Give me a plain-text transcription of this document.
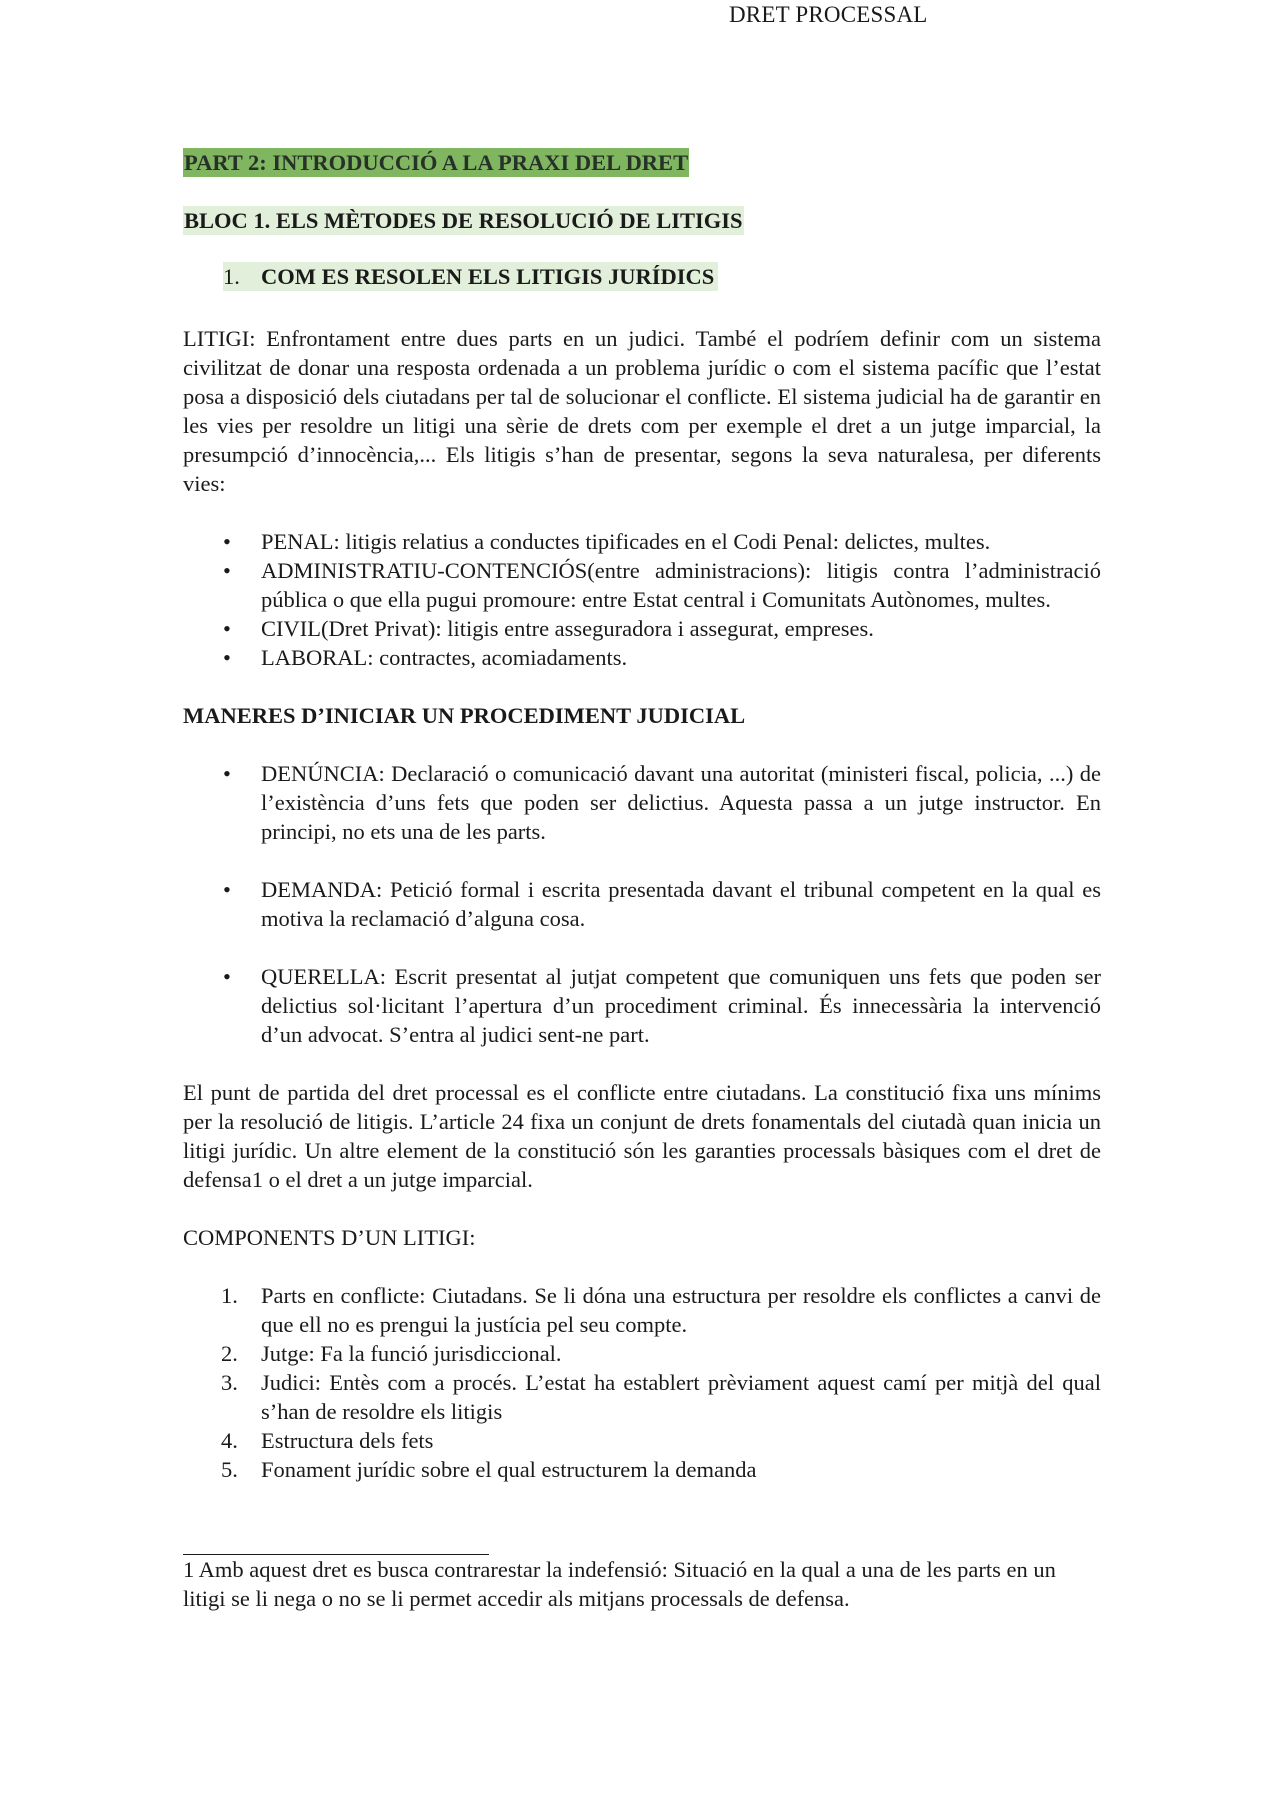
DRET PROCESSAL
PART 2: INTRODUCCIÓ A LA PRAXI DEL DRET
BLOC 1. ELS MÈTODES DE RESOLUCIÓ DE LITIGIS
1. COM ES RESOLEN ELS LITIGIS JURÍDICS

LITIGI: Enfrontament entre dues parts en un judici. També el podríem definir com un sistema civilitzat de donar una resposta ordenada a un problema jurídic o com el sistema pacífic que l’estat posa a disposició dels ciutadans per tal de solucionar el conflicte. El sistema judicial ha de garantir en les vies per resoldre un litigi una sèrie de drets com per exemple el dret a un jutge imparcial, la presumpció d’innocència,... Els litigis s’han de presentar, segons la seva naturalesa, per diferents vies:

• PENAL: litigis relatius a conductes tipificades en el Codi Penal: delictes, multes.
• ADMINISTRATIU-CONTENCIÓS(entre administracions): litigis contra l’administració pública o que ella pugui promoure: entre Estat central i Comunitats Autònomes, multes.
• CIVIL(Dret Privat): litigis entre asseguradora i assegurat, empreses.
• LABORAL: contractes, acomiadaments.

MANERES D’INICIAR UN PROCEDIMENT JUDICIAL

• DENÚNCIA: Declaració o comunicació davant una autoritat (ministeri fiscal, policia, ...) de l’existència d’uns fets que poden ser delictius. Aquesta passa a un jutge instructor. En principi, no ets una de les parts.
• DEMANDA: Petició formal i escrita presentada davant el tribunal competent en la qual es motiva la reclamació d’alguna cosa.
• QUERELLA: Escrit presentat al jutjat competent que comuniquen uns fets que poden ser delictius sol·licitant l’apertura d’un procediment criminal. És innecessària la intervenció d’un advocat. S’entra al judici sent-ne part.

El punt de partida del dret processal es el conflicte entre ciutadans. La constitució fixa uns mínims per la resolució de litigis. L’article 24 fixa un conjunt de drets fonamentals del ciutadà quan inicia un litigi jurídic. Un altre element de la constitució són les garanties processals bàsiques com el dret de defensa1 o el dret a un jutge imparcial.

COMPONENTS D’UN LITIGI:

1. Parts en conflicte: Ciutadans. Se li dóna una estructura per resoldre els conflictes a canvi de que ell no es prengui la justícia pel seu compte.
2. Jutge: Fa la funció jurisdiccional.
3. Judici: Entès com a procés. L’estat ha establert prèviament aquest camí per mitjà del qual s’han de resoldre els litigis
4. Estructura dels fets
5. Fonament jurídic sobre el qual estructurem la demanda

1 Amb aquest dret es busca contrarestar la indefensió: Situació en la qual a una de les parts en un litigi se li nega o no se li permet accedir als mitjans processals de defensa.
